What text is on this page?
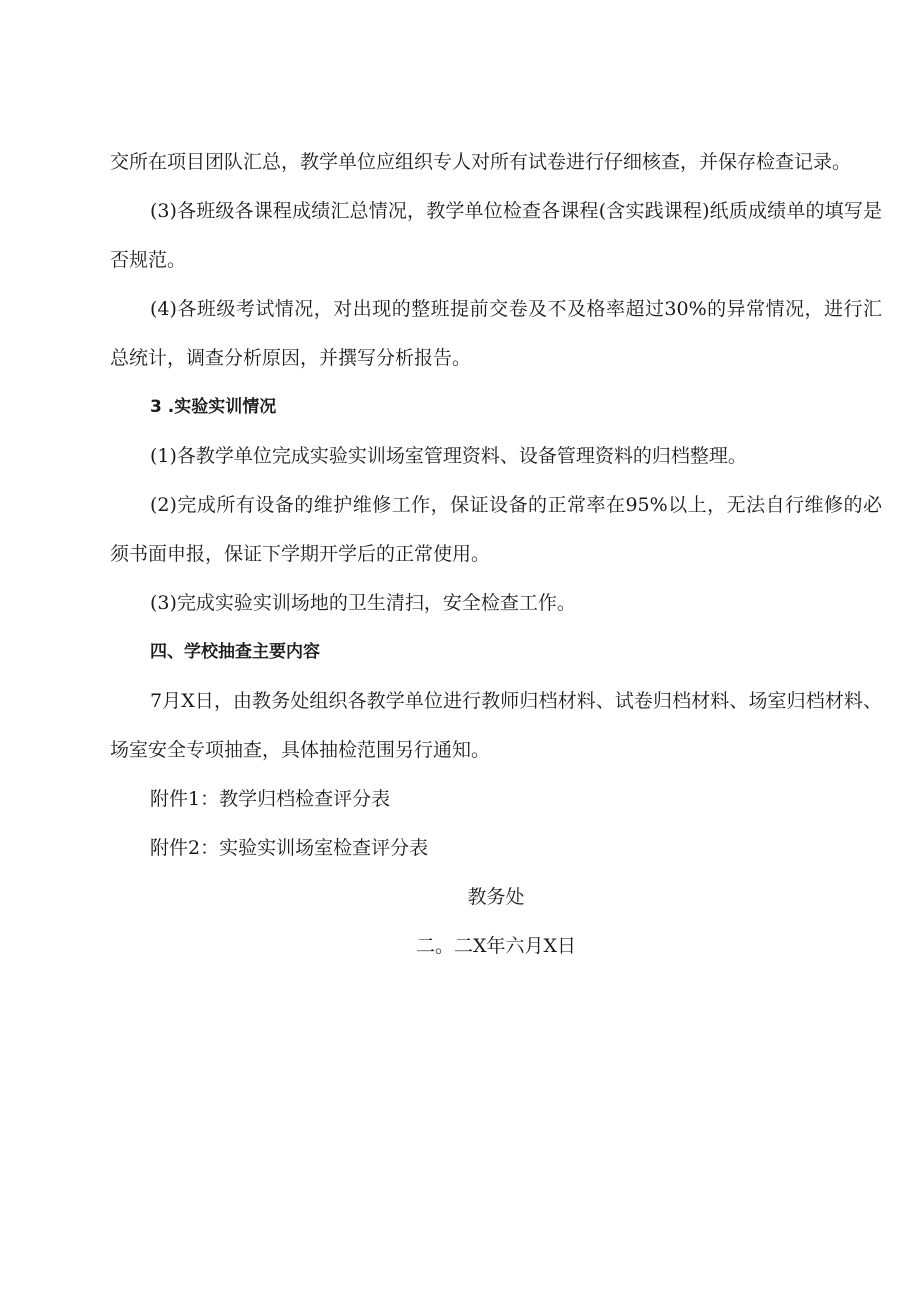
交所在项目团队汇总，教学单位应组织专人对所有试卷进行仔细核查，并保存检查记录。

(3)各班级各课程成绩汇总情况，教学单位检查各课程(含实践课程)纸质成绩单的填写是否规范。

(4)各班级考试情况，对出现的整班提前交卷及不及格率超过30%的异常情况，进行汇总统计，调查分析原因，并撰写分析报告。

3 .实验实训情况

(1)各教学单位完成实验实训场室管理资料、设备管理资料的归档整理。

(2)完成所有设备的维护维修工作，保证设备的正常率在95%以上，无法自行维修的必须书面申报，保证下学期开学后的正常使用。

(3)完成实验实训场地的卫生清扫，安全检查工作。

四、学校抽查主要内容

7月X日，由教务处组织各教学单位进行教师归档材料、试卷归档材料、场室归档材料、场室安全专项抽查，具体抽检范围另行通知。

附件1：教学归档检查评分表

附件2：实验实训场室检查评分表

教务处

二。二X年六月X日
